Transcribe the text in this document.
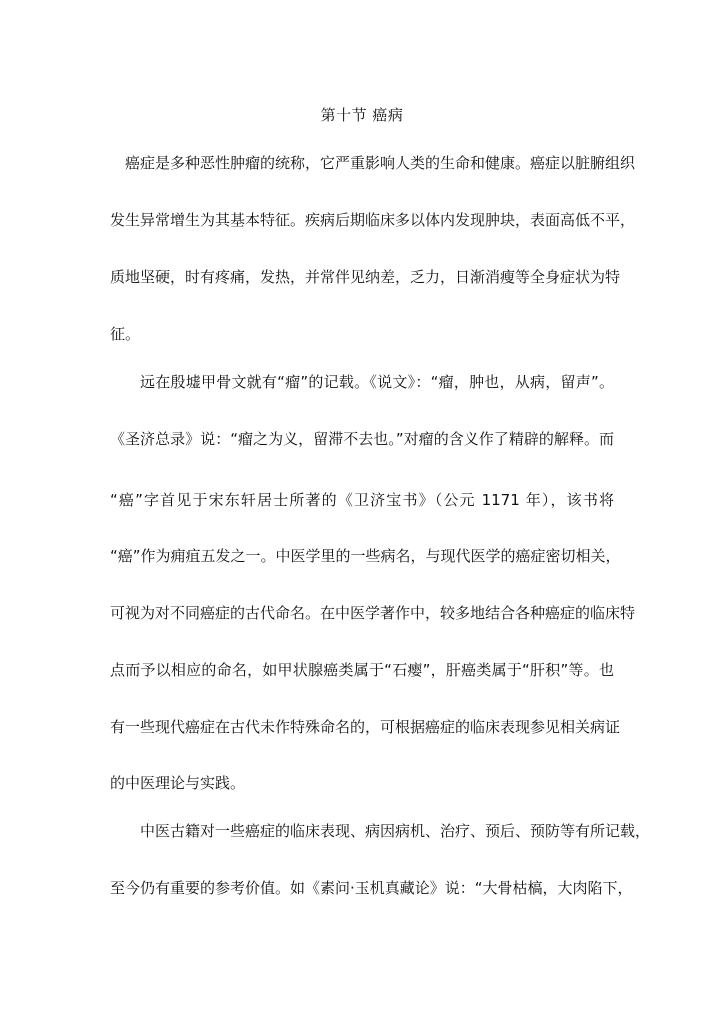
第十节 癌病
癌症是多种恶性肿瘤的统称，它严重影响人类的生命和健康。癌症以脏腑组织
发生异常增生为其基本特征。疾病后期临床多以体内发现肿块，表面高低不平，
质地坚硬，时有疼痛，发热，并常伴见纳差，乏力，日渐消瘦等全身症状为特
征。
远在殷墟甲骨文就有“瘤”的记载。《说文》：“瘤，肿也，从病，留声”。
《圣济总录》说：“瘤之为义，留滞不去也。”对瘤的含义作了精辟的解释。而
“癌”字首见于宋东轩居士所著的《卫济宝书》（公元 1171 年），该书将
“癌”作为痈疽五发之一。中医学里的一些病名，与现代医学的癌症密切相关，
可视为对不同癌症的古代命名。在中医学著作中，较多地结合各种癌症的临床特
点而予以相应的命名，如甲状腺癌类属于“石瘿”，肝癌类属于“肝积”等。也
有一些现代癌症在古代未作特殊命名的，可根据癌症的临床表现参见相关病证
的中医理论与实践。
中医古籍对一些癌症的临床表现、病因病机、治疗、预后、预防等有所记载，
至今仍有重要的参考价值。如《素问·玉机真藏论》说：“大骨枯槁，大肉陷下，
